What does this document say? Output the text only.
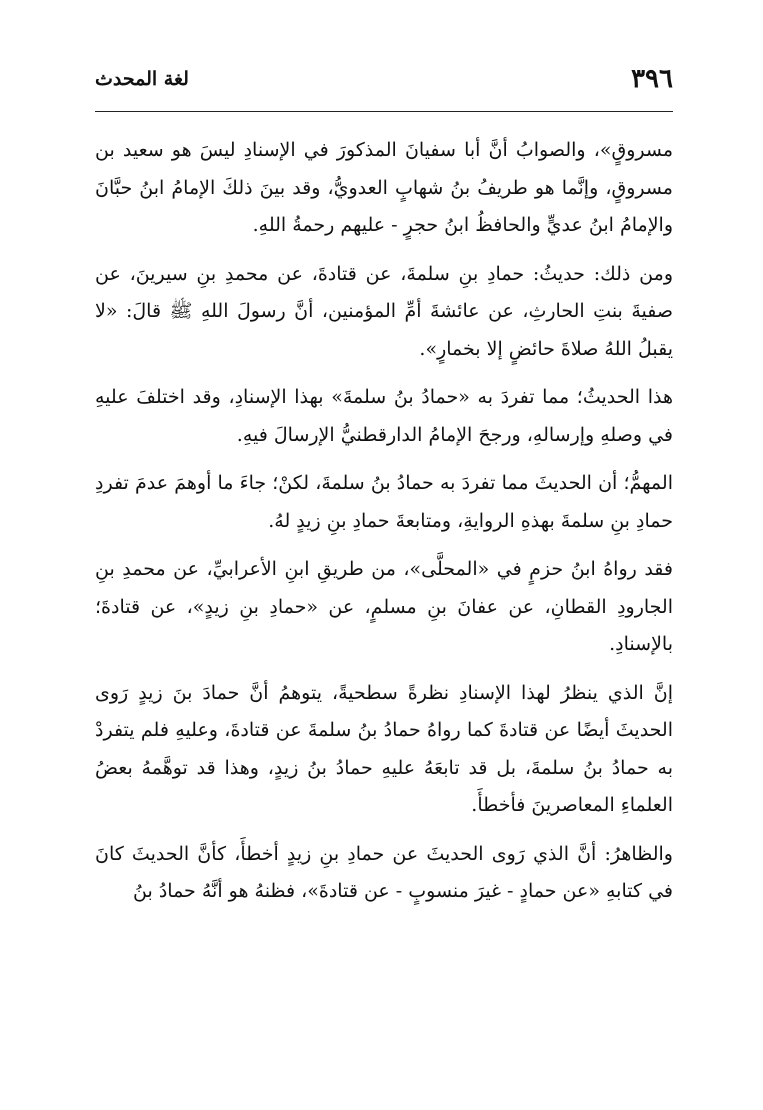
٣٩٦
لغة المحدث

مسروقٍ»، والصوابُ أنَّ أبا سفيانَ المذكورَ في الإسنادِ ليسَ هو سعيد بن مسروقٍ، وإنَّما هو طريفُ بنُ شهابٍ العدويُّ، وقد بينَ ذلكَ الإمامُ ابنُ حبَّانَ والإمامُ ابنُ عديٍّ والحافظُ ابنُ حجرٍ - عليهم رحمةُ اللهِ.

ومن ذلك: حديثُ: حمادِ بنِ سلمةَ، عن قتادةَ، عن محمدِ بنِ سيرينَ، عن صفيةَ بنتِ الحارثِ، عن عائشةَ أمِّ المؤمنين، أنَّ رسولَ اللهِ ﷺ قالَ: «لا يقبلُ اللهُ صلاةَ حائضٍ إلا بخمارٍ».

هذا الحديثُ؛ مما تفردَ به «حمادُ بنُ سلمةَ» بهذا الإسنادِ، وقد اختلفَ عليهِ في وصلهِ وإرسالهِ، ورجحَ الإمامُ الدارقطنيُّ الإرسالَ فيهِ.

المهمُّ؛ أن الحديثَ مما تفردَ به حمادُ بنُ سلمةَ، لكنْ؛ جاءَ ما أوهمَ عدمَ تفردِ حمادِ بنِ سلمةَ بهذهِ الروايةِ، ومتابعةَ حمادِ بنِ زيدٍ لهُ.

فقد رواهُ ابنُ حزمٍ في «المحلَّى»، من طريقِ ابنِ الأعرابيِّ، عن محمدِ بنِ الجارودِ القطانِ، عن عفانَ بنِ مسلمٍ، عن «حمادِ بنِ زيدٍ»، عن قتادةَ؛ بالإسنادِ.

إنَّ الذي ينظرُ لهذا الإسنادِ نظرةً سطحيةً، يتوهمُ أنَّ حمادَ بنَ زيدٍ رَوى الحديثَ أيضًا عن قتادةَ كما رواهُ حمادُ بنُ سلمةَ عن قتادةَ، وعليهِ فلم يتفردْ به حمادُ بنُ سلمةَ، بل قد تابعَهُ عليهِ حمادُ بنُ زيدٍ، وهذا قد توهَّمهُ بعضُ العلماءِ المعاصرينَ فأخطأَ.

والظاهرُ: أنَّ الذي رَوى الحديثَ عن حمادِ بنِ زيدٍ أخطأَ، كأنَّ الحديثَ كانَ في كتابهِ «عن حمادٍ - غيرَ منسوبٍ - عن قتادةَ»، فظنهُ هو أنَّهُ حمادُ بنُ
